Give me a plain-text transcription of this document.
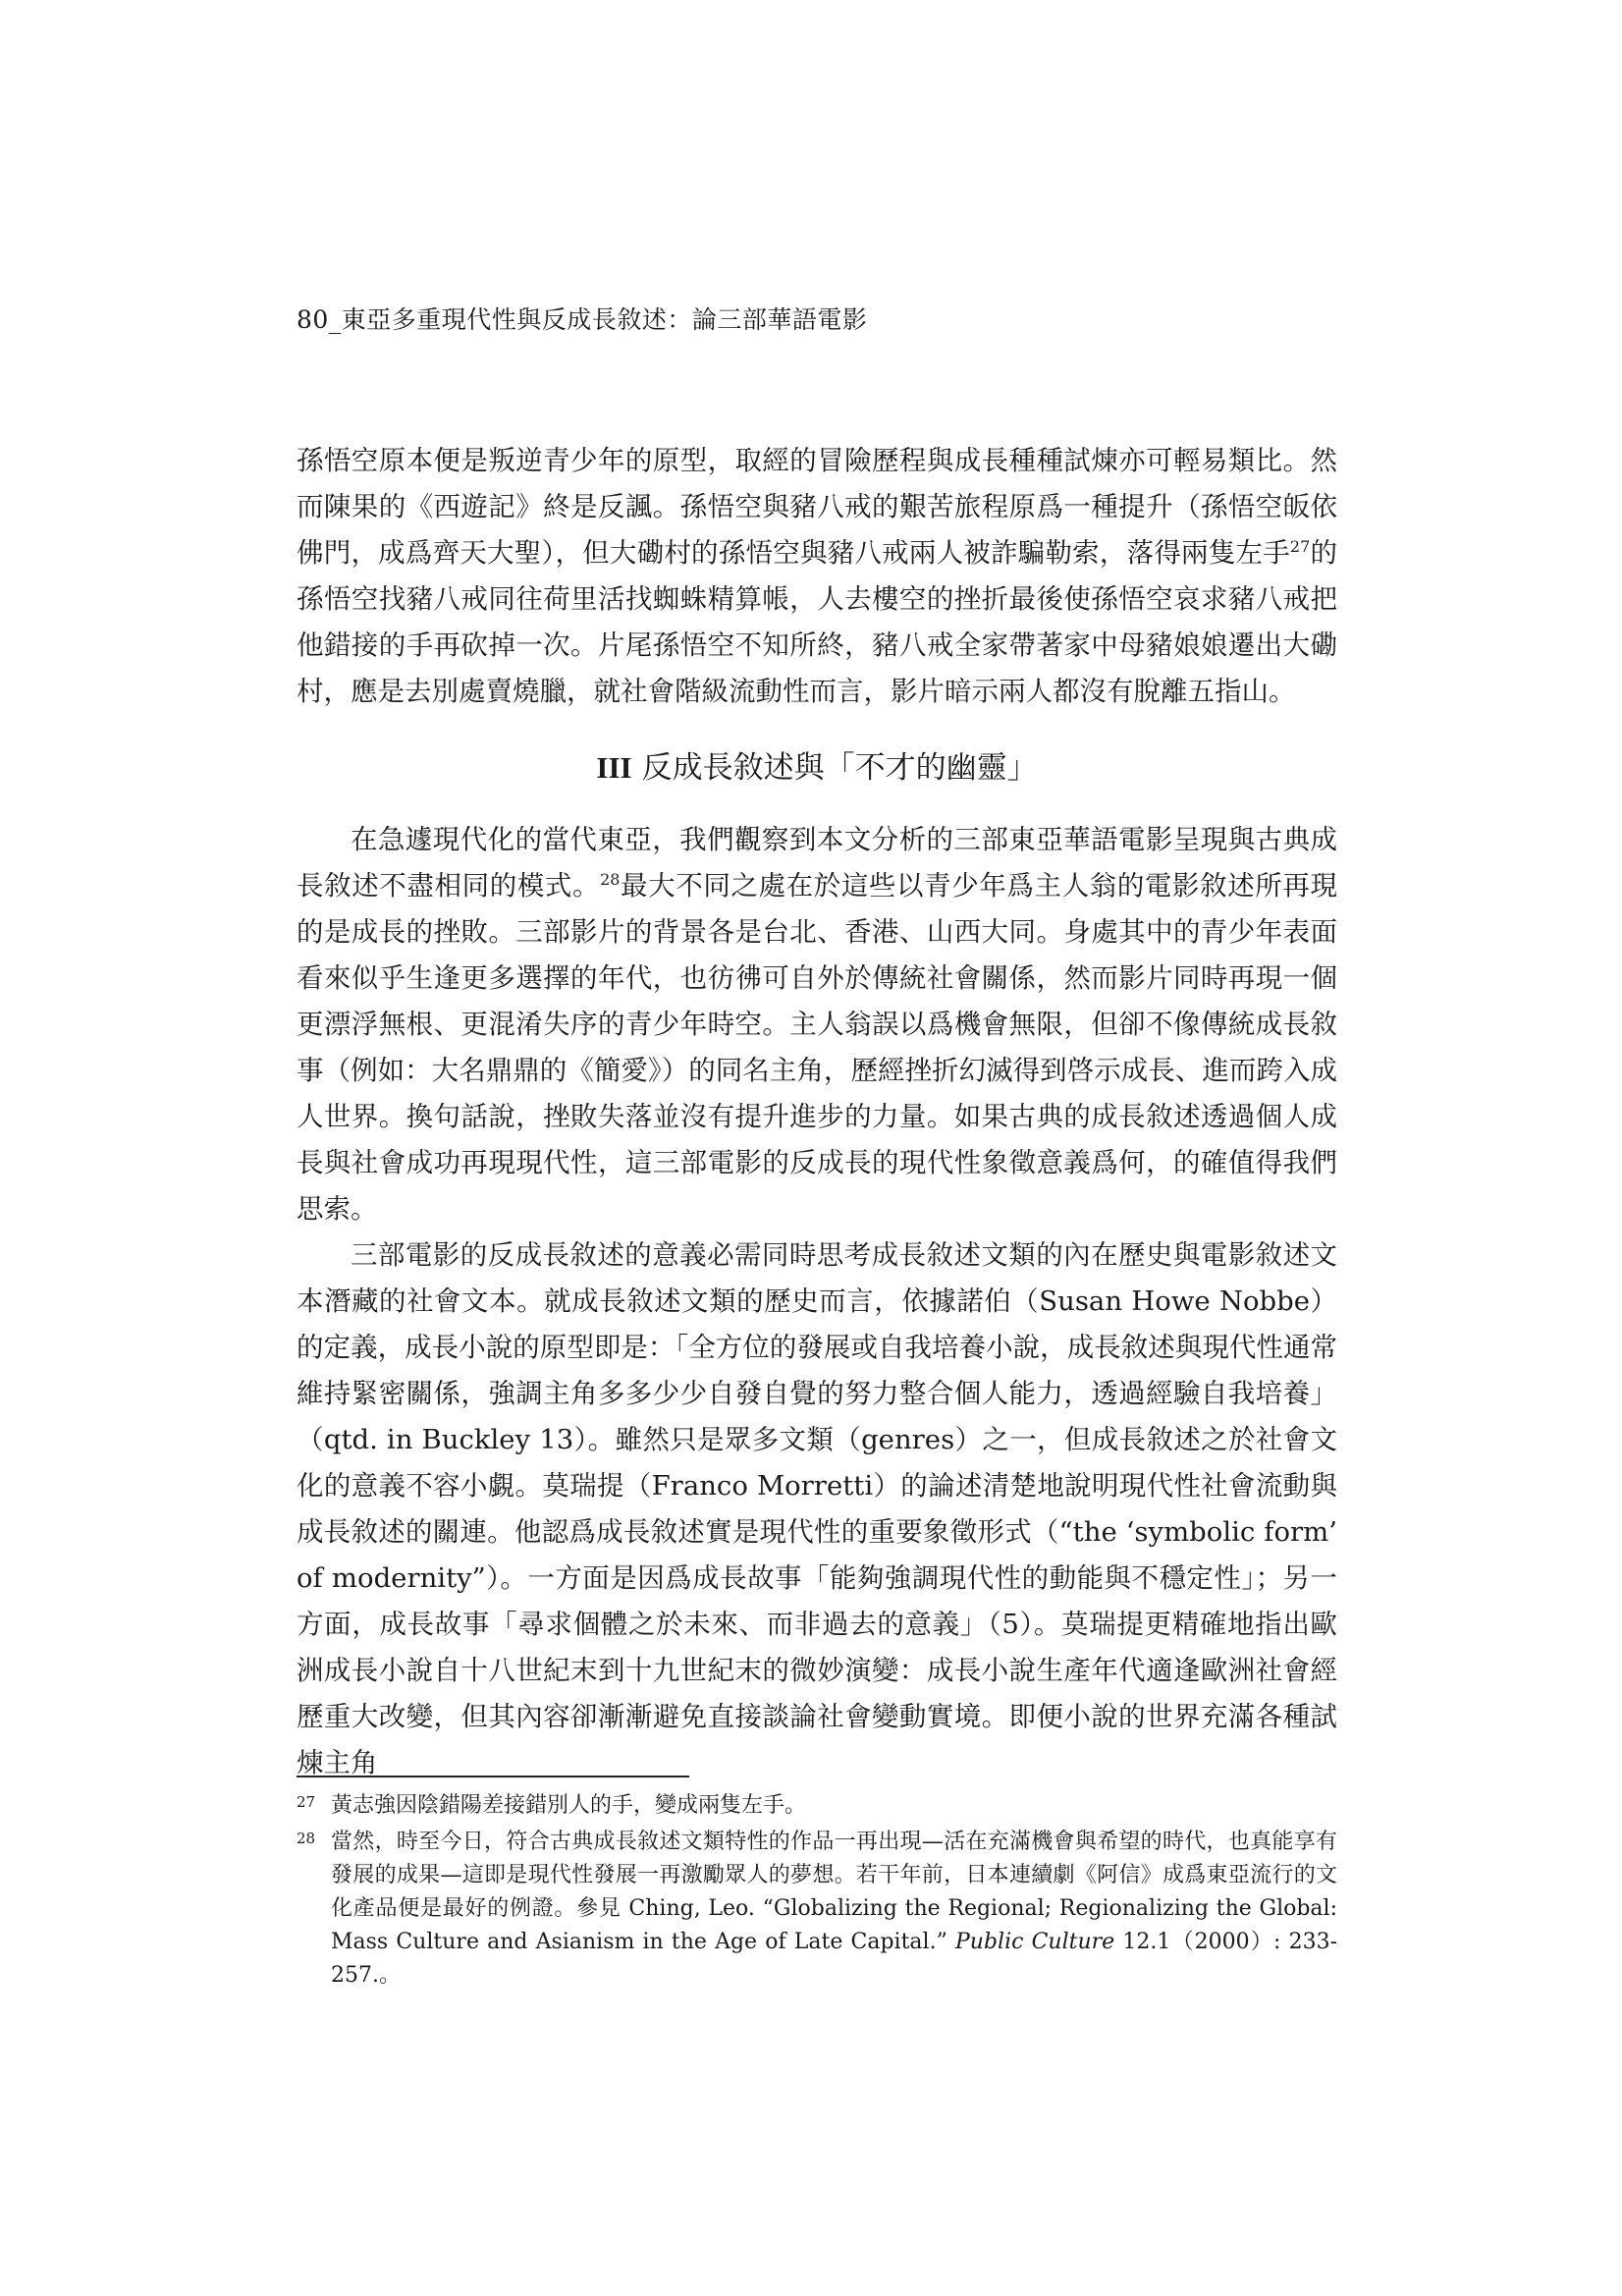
80_東亞多重現代性與反成長敘述：論三部華語電影

孫悟空原本便是叛逆青少年的原型，取經的冒險歷程與成長種種試煉亦可輕易類比。然而陳果的《西遊記》終是反諷。孫悟空與豬八戒的艱苦旅程原爲一種提升（孫悟空皈依佛門，成爲齊天大聖），但大磡村的孫悟空與豬八戒兩人被詐騙勒索，落得兩隻左手$^{27}$的孫悟空找豬八戒同往荷里活找蜘蛛精算帳，人去樓空的挫折最後使孫悟空哀求豬八戒把他錯接的手再砍掉一次。片尾孫悟空不知所終，豬八戒全家帶著家中母豬娘娘遷出大磡村，應是去別處賣燒臘，就社會階級流動性而言，影片暗示兩人都沒有脫離五指山。

III 反成長敘述與「不才的幽靈」

在急遽現代化的當代東亞，我們觀察到本文分析的三部東亞華語電影呈現與古典成長敘述不盡相同的模式。$^{28}$最大不同之處在於這些以青少年爲主人翁的電影敘述所再現的是成長的挫敗。三部影片的背景各是台北、香港、山西大同。身處其中的青少年表面看來似乎生逢更多選擇的年代，也彷彿可自外於傳統社會關係，然而影片同時再現一個更漂浮無根、更混淆失序的青少年時空。主人翁誤以爲機會無限，但卻不像傳統成長敘事（例如：大名鼎鼎的《簡愛》）的同名主角，歷經挫折幻滅得到啓示成長、進而跨入成人世界。換句話說，挫敗失落並沒有提升進步的力量。如果古典的成長敘述透過個人成長與社會成功再現現代性，這三部電影的反成長的現代性象徵意義爲何，的確值得我們思索。

三部電影的反成長敘述的意義必需同時思考成長敘述文類的內在歷史與電影敘述文本潛藏的社會文本。就成長敘述文類的歷史而言，依據諾伯（Susan Howe Nobbe）的定義，成長小說的原型即是：「全方位的發展或自我培養小說，成長敘述與現代性通常維持緊密關係，強調主角多多少少自發自覺的努力整合個人能力，透過經驗自我培養」（qtd. in Buckley 13）。雖然只是眾多文類（genres）之一，但成長敘述之於社會文化的意義不容小覷。莫瑞提（Franco Morretti）的論述清楚地說明現代性社會流動與成長敘述的關連。他認爲成長敘述實是現代性的重要象徵形式（“the ‘symbolic form’ of modernity”）。一方面是因爲成長故事「能夠強調現代性的動能與不穩定性」；另一方面，成長故事「尋求個體之於未來、而非過去的意義」（5）。莫瑞提更精確地指出歐洲成長小說自十八世紀末到十九世紀末的微妙演變：成長小說生產年代適逢歐洲社會經歷重大改變，但其內容卻漸漸避免直接談論社會變動實境。即便小說的世界充滿各種試煉主角

27 黃志強因陰錯陽差接錯別人的手，變成兩隻左手。
28 當然，時至今日，符合古典成長敘述文類特性的作品一再出現—活在充滿機會與希望的時代，也真能享有發展的成果—這即是現代性發展一再激勵眾人的夢想。若干年前，日本連續劇《阿信》成爲東亞流行的文化產品便是最好的例證。參見 Ching, Leo. “Globalizing the Regional; Regionalizing the Global: Mass Culture and Asianism in the Age of Late Capital.” Public Culture 12.1（2000）: 233-257.。
